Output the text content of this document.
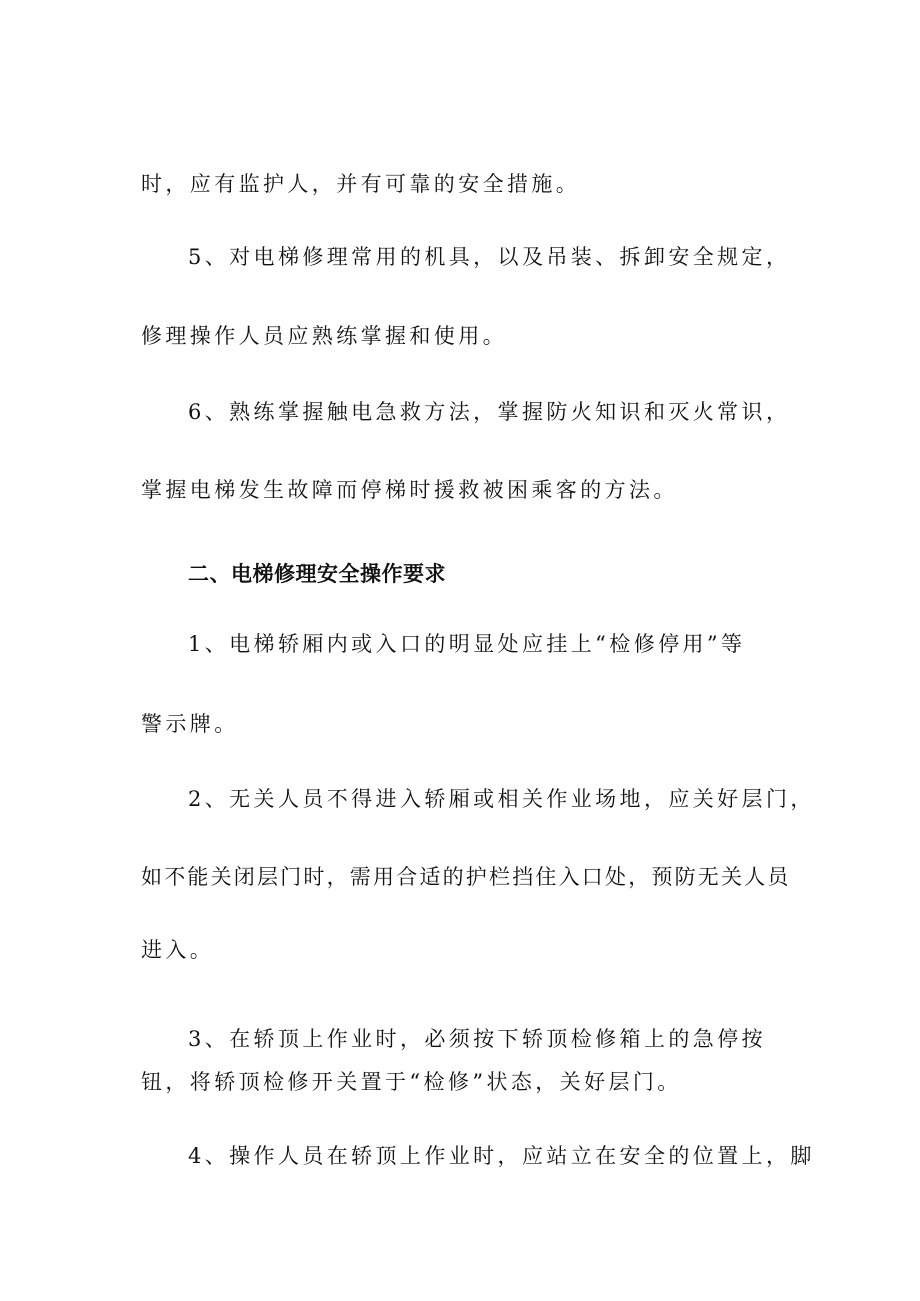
时，应有监护人，并有可靠的安全措施。
5、对电梯修理常用的机具，以及吊装、拆卸安全规定，
修理操作人员应熟练掌握和使用。
6、熟练掌握触电急救方法，掌握防火知识和灭火常识，
掌握电梯发生故障而停梯时援救被困乘客的方法。
二、电梯修理安全操作要求
1、电梯轿厢内或入口的明显处应挂上“检修停用”等
警示牌。
2、无关人员不得进入轿厢或相关作业场地，应关好层门，
如不能关闭层门时，需用合适的护栏挡住入口处，预防无关人员
进入。
3、在轿顶上作业时，必须按下轿顶检修箱上的急停按
钮，将轿顶检修开关置于“检修”状态，关好层门。
4、操作人员在轿顶上作业时，应站立在安全的位置上，脚
